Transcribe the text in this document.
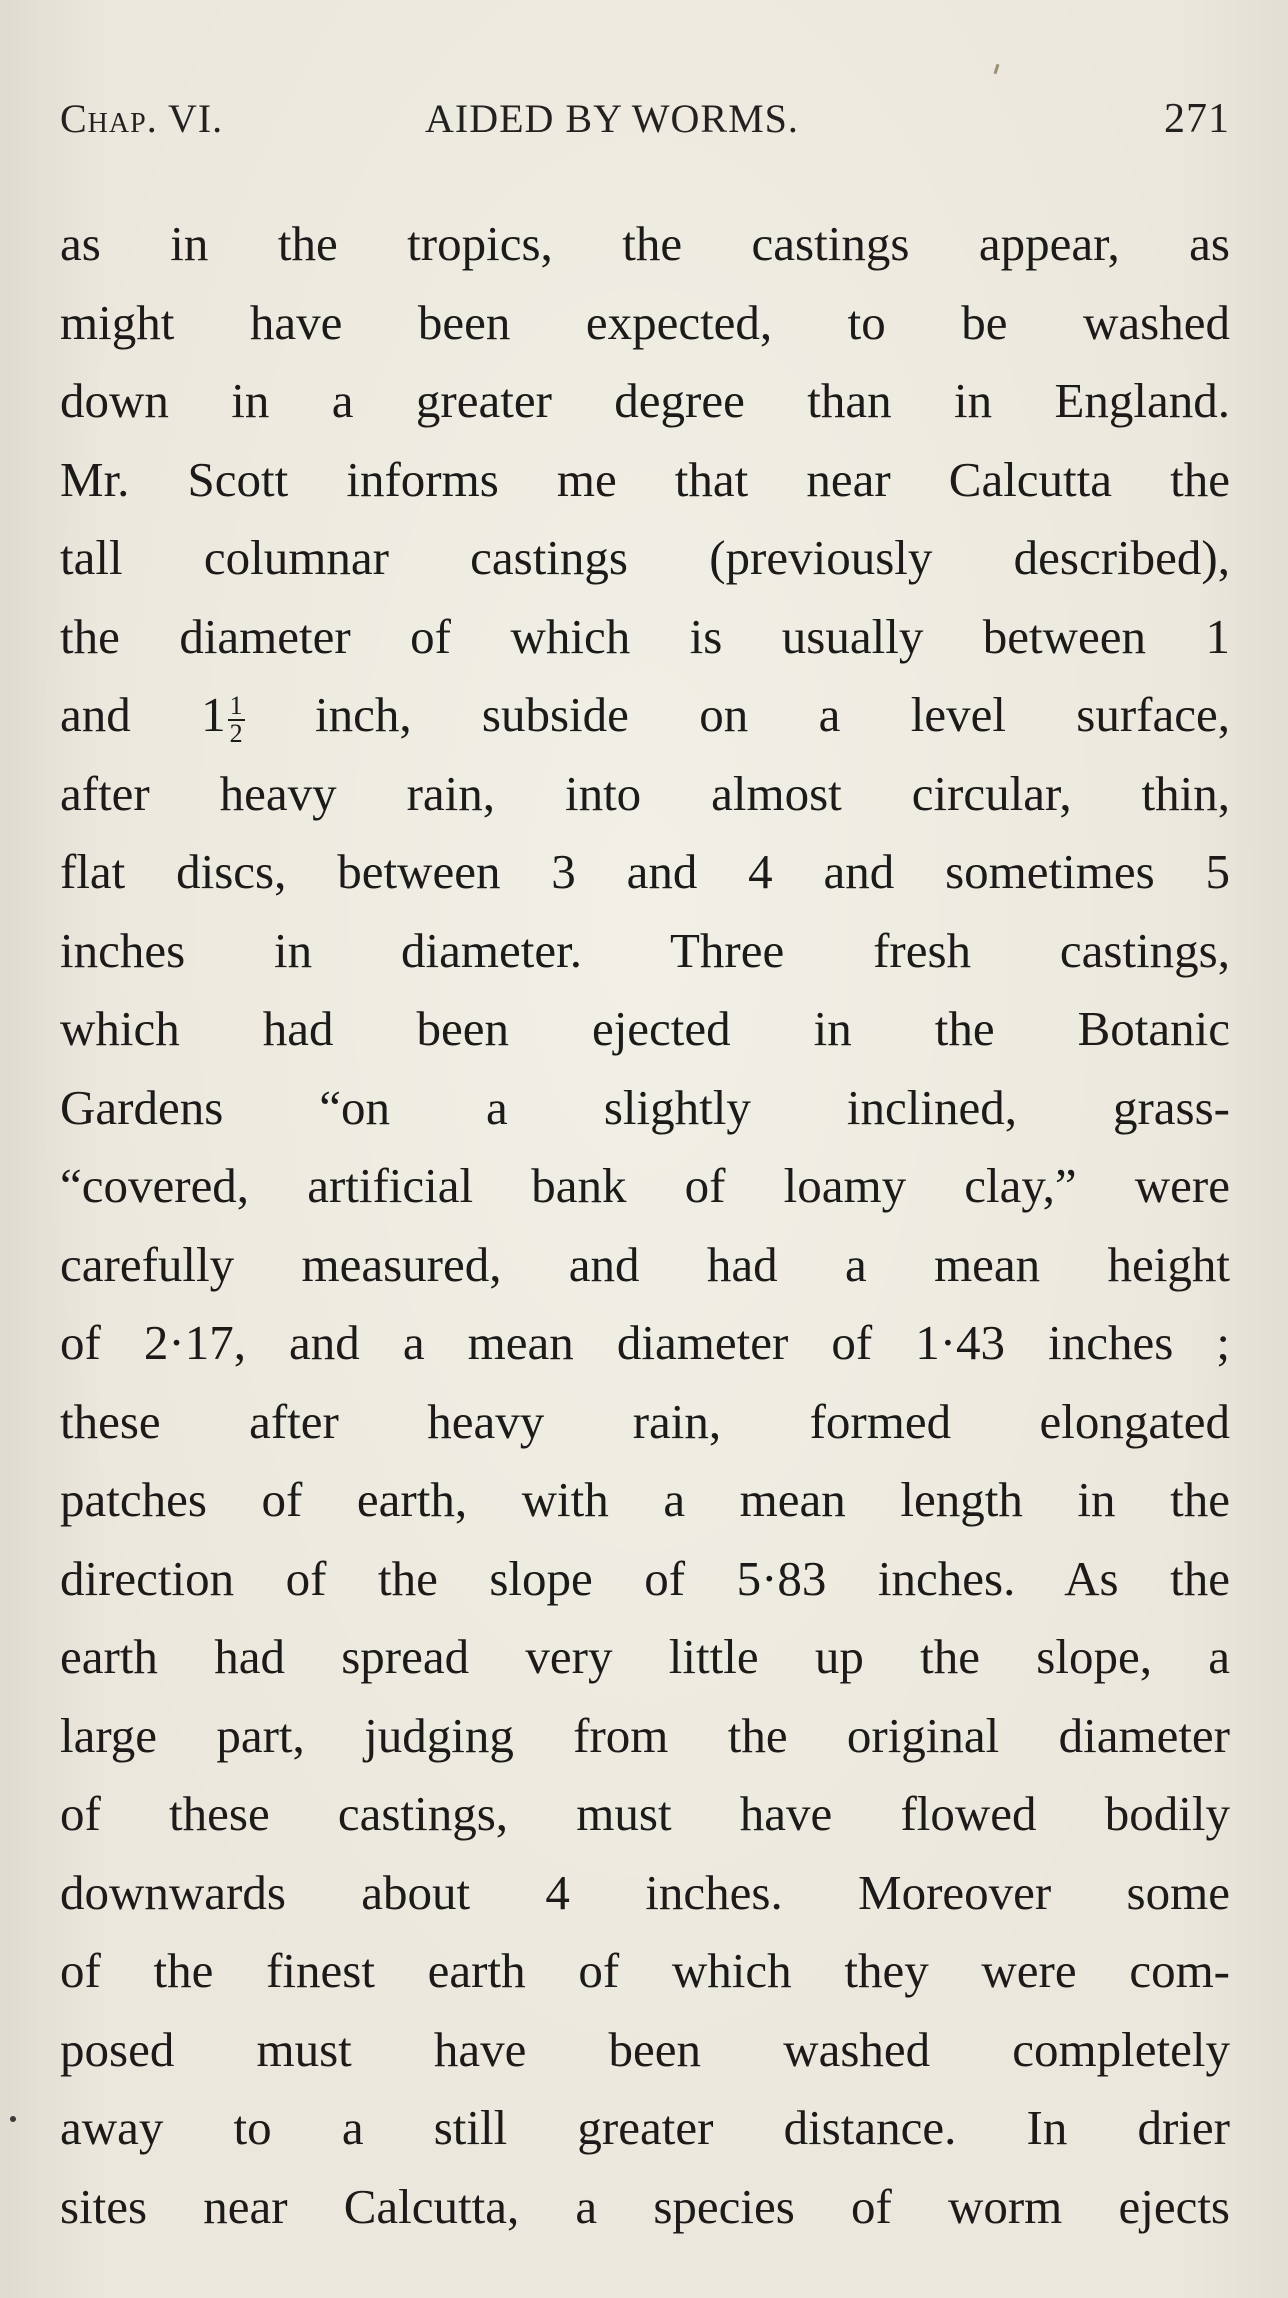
Chap. VI.	AIDED BY WORMS.	271
as in the tropics, the castings appear, as
might have been expected, to be washed
down in a greater degree than in England.
Mr. Scott informs me that near Calcutta the
tall columnar castings (previously described),
the diameter of which is usually between 1
and $1 \frac{1}{2}$ inch, subside on a level surface,
after heavy rain, into almost circular, thin,
flat discs, between 3 and 4 and sometimes 5
inches in diameter. Three fresh castings,
which had been ejected in the Botanic
Gardens “on a slightly inclined, grass-
“covered, artificial bank of loamy clay,” were
carefully measured, and had a mean height
of 2·17, and a mean diameter of 1·43 inches ;
these after heavy rain, formed elongated
patches of earth, with a mean length in the
direction of the slope of 5·83 inches. As the
earth had spread very little up the slope, a
large part, judging from the original diameter
of these castings, must have flowed bodily
downwards about 4 inches. Moreover some
of the finest earth of which they were com-
posed must have been washed completely
away to a still greater distance. In drier
sites near Calcutta, a species of worm ejects
